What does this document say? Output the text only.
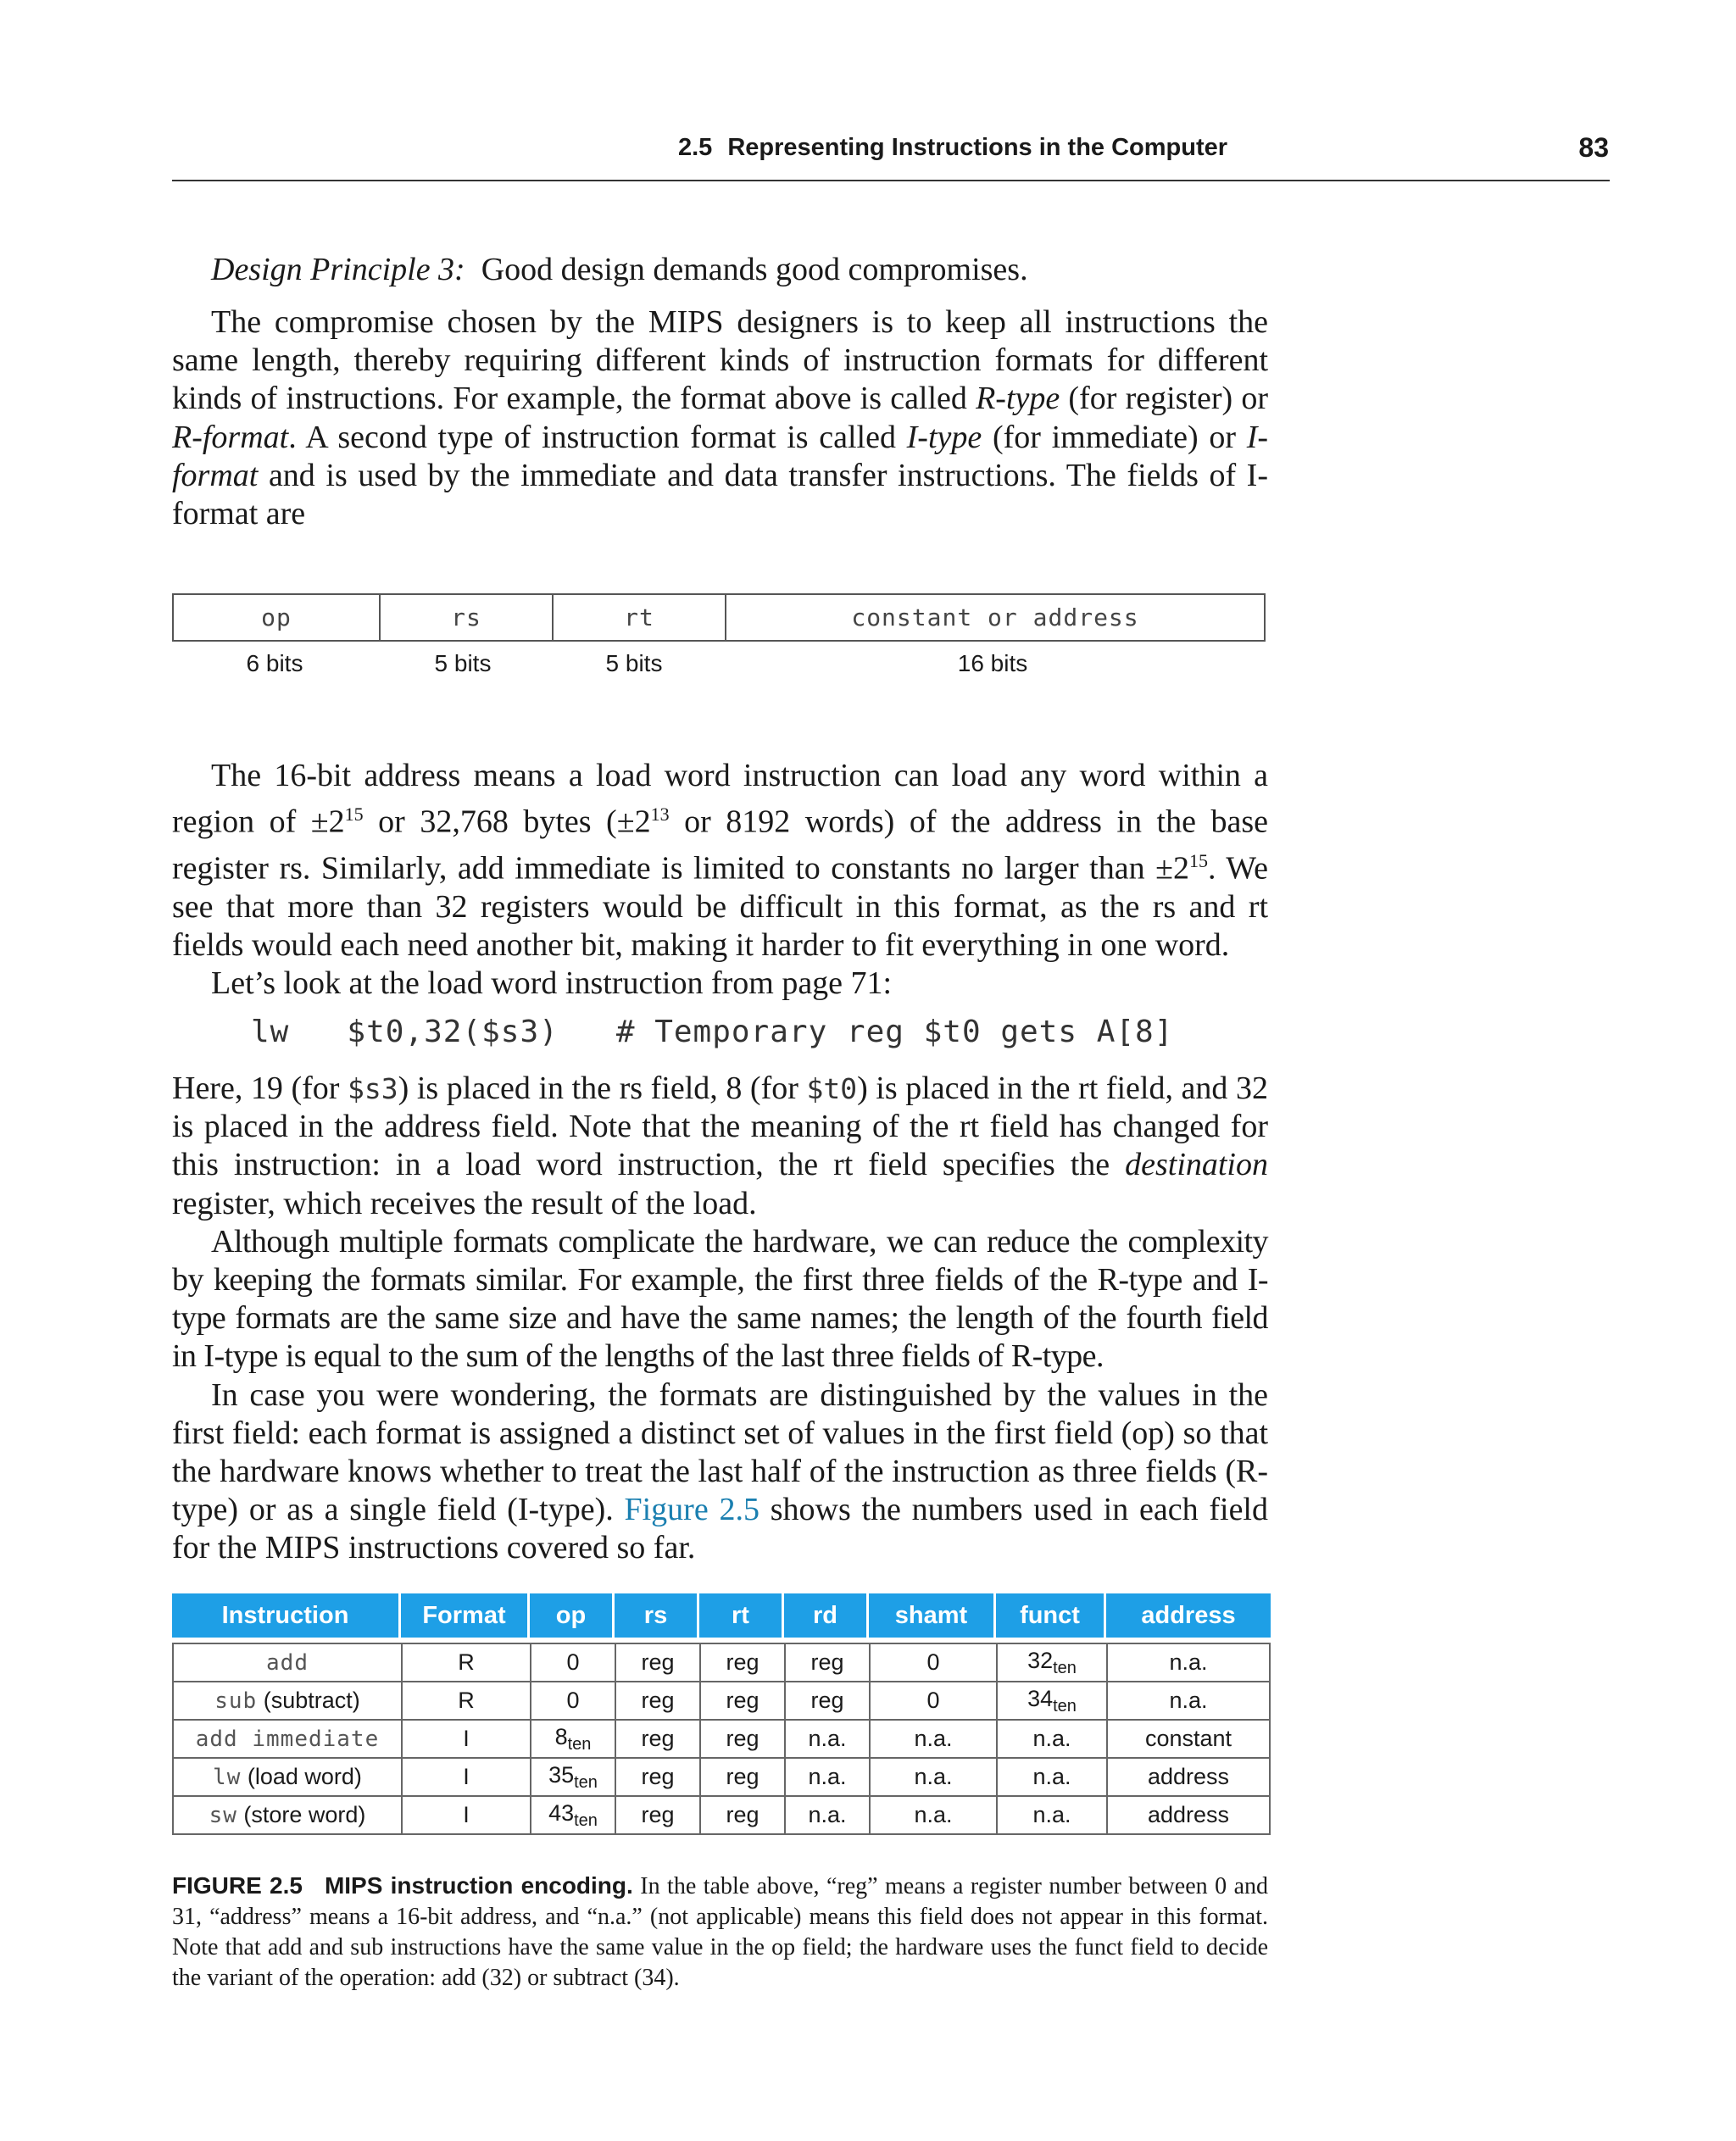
2.5 Representing Instructions in the Computer	83
Design Principle 3: Good design demands good compromises.

The compromise chosen by the MIPS designers is to keep all instructions the same length, thereby requiring different kinds of instruction formats for different kinds of instructions. For example, the format above is called R-type (for register) or R-format. A second type of instruction format is called I-type (for immediate) or I-format and is used by the immediate and data transfer instructions. The fields of I-format are

op	rs	rt	constant or address
6 bits	5 bits	5 bits	16 bits

The 16-bit address means a load word instruction can load any word within a region of $\pm 2^{15}$ or 32,768 bytes ($\pm 2^{13}$ or 8192 words) of the address in the base register rs. Similarly, add immediate is limited to constants no larger than $\pm 2^{15}$. We see that more than 32 registers would be difficult in this format, as the rs and rt fields would each need another bit, making it harder to fit everything in one word.

Let’s look at the load word instruction from page 71:

lw $t0,32($s3) # Temporary reg $t0 gets A[8]

Here, 19 (for $s3) is placed in the rs field, 8 (for $t0) is placed in the rt field, and 32 is placed in the address field. Note that the meaning of the rt field has changed for this instruction: in a load word instruction, the rt field specifies the destination register, which receives the result of the load.

Although multiple formats complicate the hardware, we can reduce the complexity by keeping the formats similar. For example, the first three fields of the R-type and I-type formats are the same size and have the same names; the length of the fourth field in I-type is equal to the sum of the lengths of the last three fields of R-type.

In case you were wondering, the formats are distinguished by the values in the first field: each format is assigned a distinct set of values in the first field (op) so that the hardware knows whether to treat the last half of the instruction as three fields (R-type) or as a single field (I-type). Figure 2.5 shows the numbers used in each field for the MIPS instructions covered so far.

Instruction	Format	op	rs	rt	rd	shamt	funct	address

add	R	0	reg	reg	reg	0	$32_{ten}$	n.a.
sub (subtract)	R	0	reg	reg	reg	0	$34_{ten}$	n.a.
add immediate	I	$8_{ten}$	reg	reg	n.a.	n.a.	n.a.	constant
lw (load word)	I	$35_{ten}$	reg	reg	n.a.	n.a.	n.a.	address
sw (store word)	I	$43_{ten}$	reg	reg	n.a.	n.a.	n.a.	address
FIGURE 2.5 MIPS instruction encoding. In the table above, “reg” means a register number between 0 and 31, “address” means a 16-bit address, and “n.a.” (not applicable) means this field does not appear in this format. Note that add and sub instructions have the same value in the op field; the hardware uses the funct field to decide the variant of the operation: add (32) or subtract (34).
